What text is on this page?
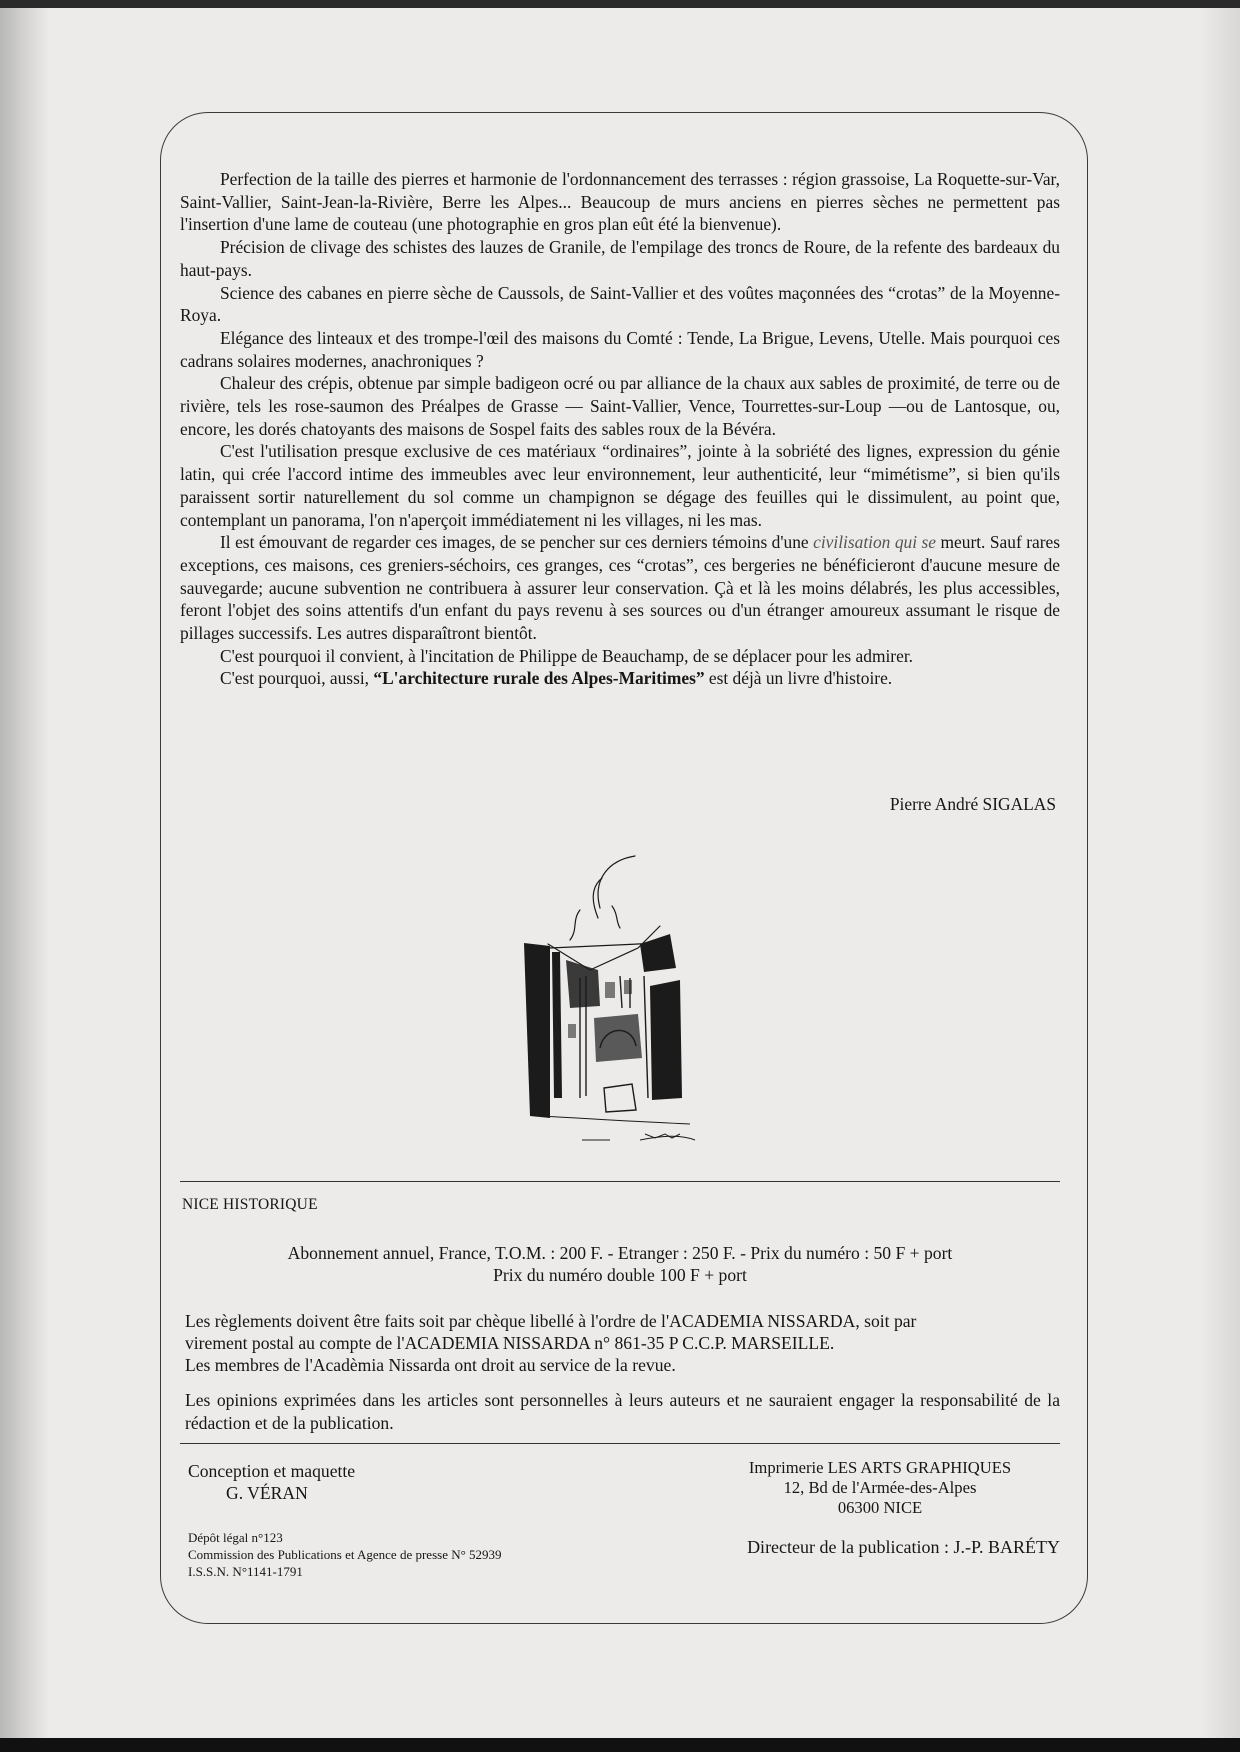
Perfection de la taille des pierres et harmonie de l'ordonnancement des terrasses : région grassoise, La Roquette-sur-Var, Saint-Vallier, Saint-Jean-la-Rivière, Berre les Alpes... Beaucoup de murs anciens en pierres sèches ne permettent pas l'insertion d'une lame de couteau (une photographie en gros plan eût été la bienvenue).

Précision de clivage des schistes des lauzes de Granile, de l'empilage des troncs de Roure, de la refente des bardeaux du haut-pays.

Science des cabanes en pierre sèche de Caussols, de Saint-Vallier et des voûtes maçonnées des “crotas” de la Moyenne-Roya.

Elégance des linteaux et des trompe-l'œil des maisons du Comté : Tende, La Brigue, Levens, Utelle. Mais pourquoi ces cadrans solaires modernes, anachroniques ?

Chaleur des crépis, obtenue par simple badigeon ocré ou par alliance de la chaux aux sables de proximité, de terre ou de rivière, tels les rose-saumon des Préalpes de Grasse — Saint-Vallier, Vence, Tourrettes-sur-Loup —ou de Lantosque, ou, encore, les dorés chatoyants des maisons de Sospel faits des sables roux de la Bévéra.

C'est l'utilisation presque exclusive de ces matériaux “ordinaires”, jointe à la sobriété des lignes, expression du génie latin, qui crée l'accord intime des immeubles avec leur environnement, leur authenticité, leur “mimétisme”, si bien qu'ils paraissent sortir naturellement du sol comme un champignon se dégage des feuilles qui le dissimulent, au point que, contemplant un panorama, l'on n'aperçoit immédiatement ni les villages, ni les mas.

Il est émouvant de regarder ces images, de se pencher sur ces derniers témoins d'une civilisation qui se meurt. Sauf rares exceptions, ces maisons, ces greniers-séchoirs, ces granges, ces “crotas”, ces bergeries ne bénéficieront d'aucune mesure de sauvegarde; aucune subvention ne contribuera à assurer leur conservation. Çà et là les moins délabrés, les plus accessibles, feront l'objet des soins attentifs d'un enfant du pays revenu à ses sources ou d'un étranger amoureux assumant le risque de pillages successifs. Les autres disparaîtront bientôt.

C'est pourquoi il convient, à l'incitation de Philippe de Beauchamp, de se déplacer pour les admirer.

C'est pourquoi, aussi, “L'architecture rurale des Alpes-Maritimes” est déjà un livre d'histoire.

Pierre André SIGALAS
NICE HISTORIQUE
Abonnement annuel, France, T.O.M. : 200 F. - Etranger : 250 F. - Prix du numéro : 50 F + port
Prix du numéro double 100 F + port
Les règlements doivent être faits soit par chèque libellé à l'ordre de l'ACADEMIA NISSARDA, soit par
virement postal au compte de l'ACADEMIA NISSARDA n° 861-35 P C.C.P. MARSEILLE.
Les membres de l'Acadèmia Nissarda ont droit au service de la revue.
Les opinions exprimées dans les articles sont personnelles à leurs auteurs et ne sauraient engager la responsabilité de la rédaction et de la publication.
Conception et maquette
G. VÉRAN
Imprimerie LES ARTS GRAPHIQUES
12, Bd de l'Armée-des-Alpes
06300 NICE
Dépôt légal n°123
Commission des Publications et Agence de presse N° 52939
I.S.S.N. N°1141-1791
Directeur de la publication : J.-P. BARÉTY
